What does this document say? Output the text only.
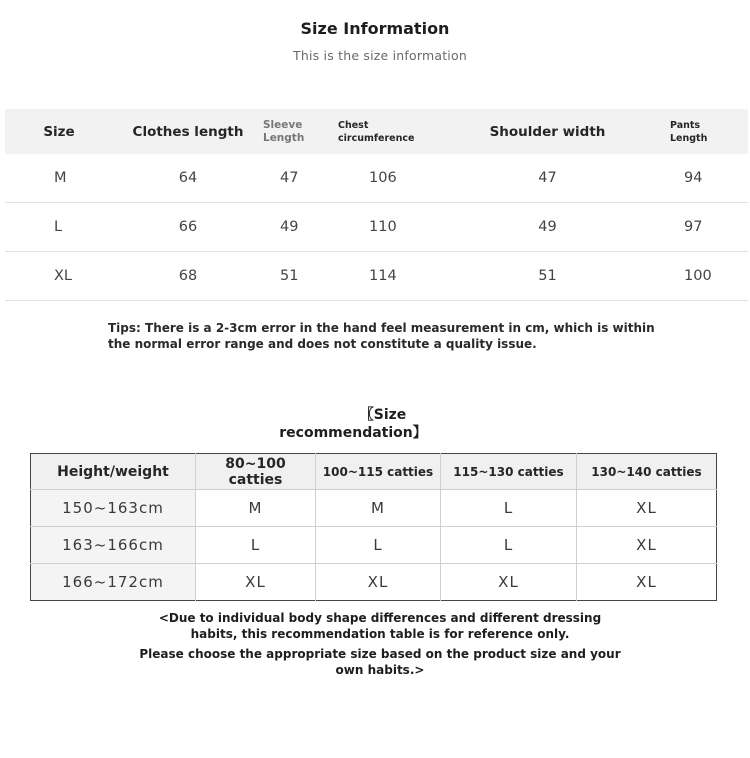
Size Information
This is the size information
Size	Clothes length	Sleeve Length	Chest circumference	Shoulder width	Pants Length

M	64	47	106	47	94
L	66	49	110	49	97
XL	68	51	114	51	100
Tips: There is a 2-3cm error in the hand feel measurement in cm, which is within the normal error range and does not constitute a quality issue.
〖Size
recommendation】
Height/weight	80~100 catties	100~115 catties	115~130 catties	130~140 catties
150~163cm	M	M	L	XL
163~166cm	L	L	L	XL
166~172cm	XL	XL	XL	XL

<Due to individual body shape differences and different dressing

habits, this recommendation table is for reference only.

Please choose the appropriate size based on the product size and your

own habits.>
